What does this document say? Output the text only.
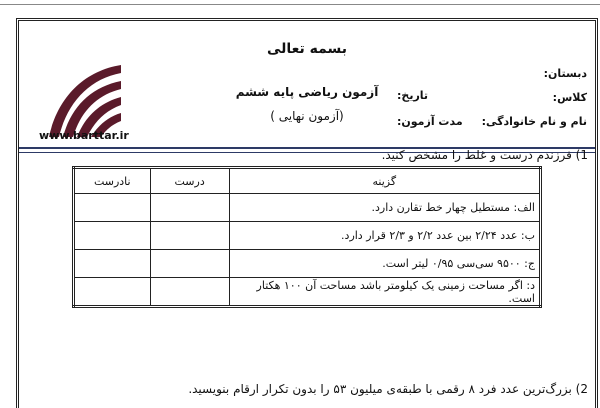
بسمه تعالی
دبستان:
کلاس:
نام و نام خانوادگی:
تاریخ:
مدت آزمون:
آزمون ریاضی پایه ششم
(آزمون نهایی )
www.barttar.ir
1) فرزندم درست و غلط را مشخص کنید.
گزینه	درست	نادرست
الف: مستطیل چهار خط تقارن دارد.		
ب: عدد ۲/۲۴ بین عدد ۲/۲ و ۲/۳ قرار دارد.		
ج: ۹۵۰۰ سی‌سی ۰/۹۵ لیتر است.		
د: اگر مساحت زمینی یک کیلومتر باشد مساحت آن ۱۰۰ هکتار است.		
2) بزرگ‌ترین عدد فرد ۸ رقمی با طبقه‌ی میلیون ۵۳ را بدون تکرار ارقام بنویسید.
